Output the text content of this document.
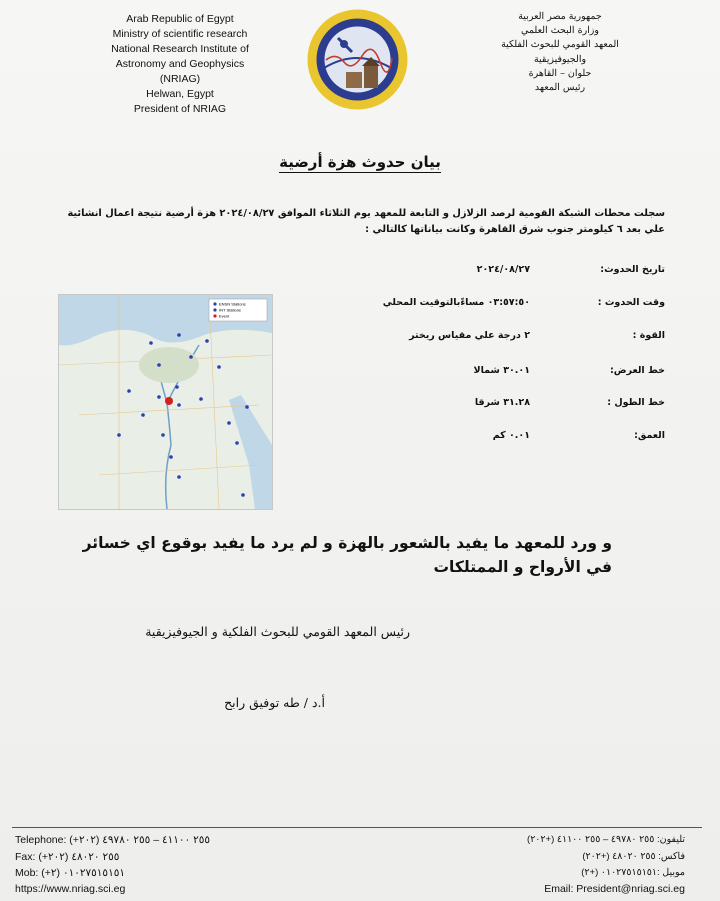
Arab Republic of Egypt
Ministry of scientific research
National Research Institute of
Astronomy and Geophysics
(NRIAG)
Helwan, Egypt
President of NRIAG
جمهورية مصر العربية
وزارة البحث العلمي
المعهد القومي للبحوث الفلكية
والجيوفيزيقية
حلوان – القاهرة
رئيس المعهد
بيان حدوث هزة أرضية
سجلت محطات الشبكة القومية لرصد الزلازل و التابعة للمعهد يوم الثلاثاء الموافق ٢٠٢٤/٠٨/٢٧ هزة أرضية نتيجة اعمال انشائية علي بعد ٦ كيلومتر جنوب شرق القاهرة وكانت بياناتها كالتالي :
تاريخ الحدوث:
٢٠٢٤/٠٨/٢٧
وقت الحدوث :
٠٣:٥٧:٥٠ مساءًبالتوقيت المحلي
القوة :
٢ درجة علي مقياس ريختر
خط العرض:
٣٠.٠١ شمالا
خط الطول :
٣١.٢٨ شرقا
العمق:
٠.٠١ كم
ENSN Stations
INT Stations
Event
و ورد للمعهد ما يفيد بالشعور بالهزة و لم يرد ما يفيد بوقوع اي خسائر في الأرواح و الممتلكات
رئيس المعهد القومي للبحوث الفلكية و الجيوفيزيقية
أ.د / طه توفيق رابح
Telephone: (+٢٠٢) ٢٥٥ ٤١١٠٠ – ٢٥٥ ٤٩٧٨٠
Fax: (+٢٠٢) ٢٥٥ ٤٨٠٢٠
Mob: (+٢) ٠١٠٢٧٥١٥١٥١
https://www.nriag.sci.eg
تليفون: ٢٥٥ ٤٩٧٨٠ – ٢٥٥ ٤١١٠٠ (+٢٠٢)
فاكس: ٢٥٥ ٤٨٠٢٠ (+٢٠٢)
موبيل :٠١٠٢٧٥١٥١٥١ (+٢)
Email: President@nriag.sci.eg
